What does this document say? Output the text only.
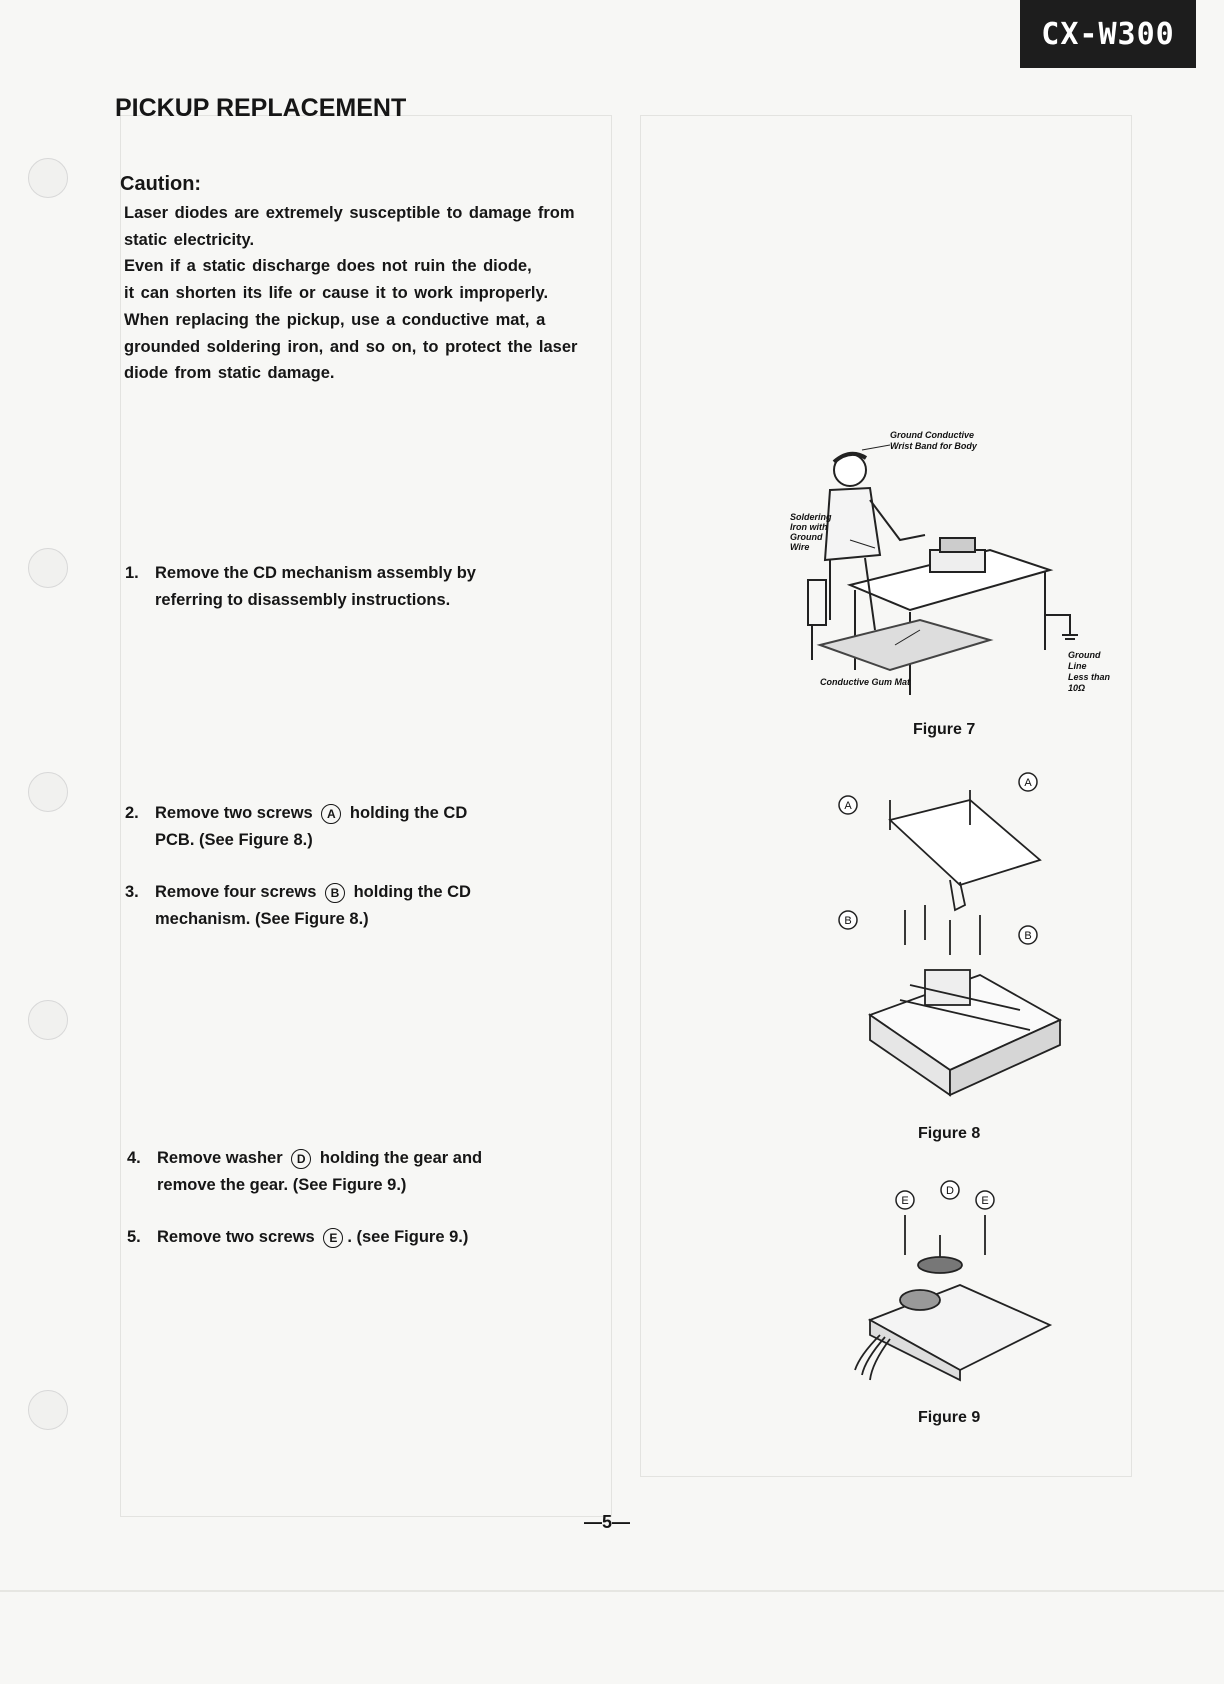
CX-W300
PICKUP REPLACEMENT
Caution:
Laser diodes are extremely susceptible to damage from
static electricity.
Even if a static discharge does not ruin the diode,
it can shorten its life or cause it to work improperly.
When replacing the pickup, use a conductive mat, a
grounded soldering iron, and so on, to protect the laser
diode from static damage.
1. Remove the CD mechanism assembly by
referring to disassembly instructions.
2. Remove two screws A holding the CD
PCB. (See Figure 8.)
3. Remove four screws B holding the CD
mechanism. (See Figure 8.)
4. Remove washer D holding the gear and
remove the gear. (See Figure 9.)
5. Remove two screws E . (see Figure 9.)
Ground Conductive
Wrist Band for Body
Soldering
Iron with
Ground
Wire
Ground
Line
Less than
10Ω
Conductive Gum Mat
Figure 7
A
A
B
B
Figure 8
E
D
E
Figure 9
—5—
